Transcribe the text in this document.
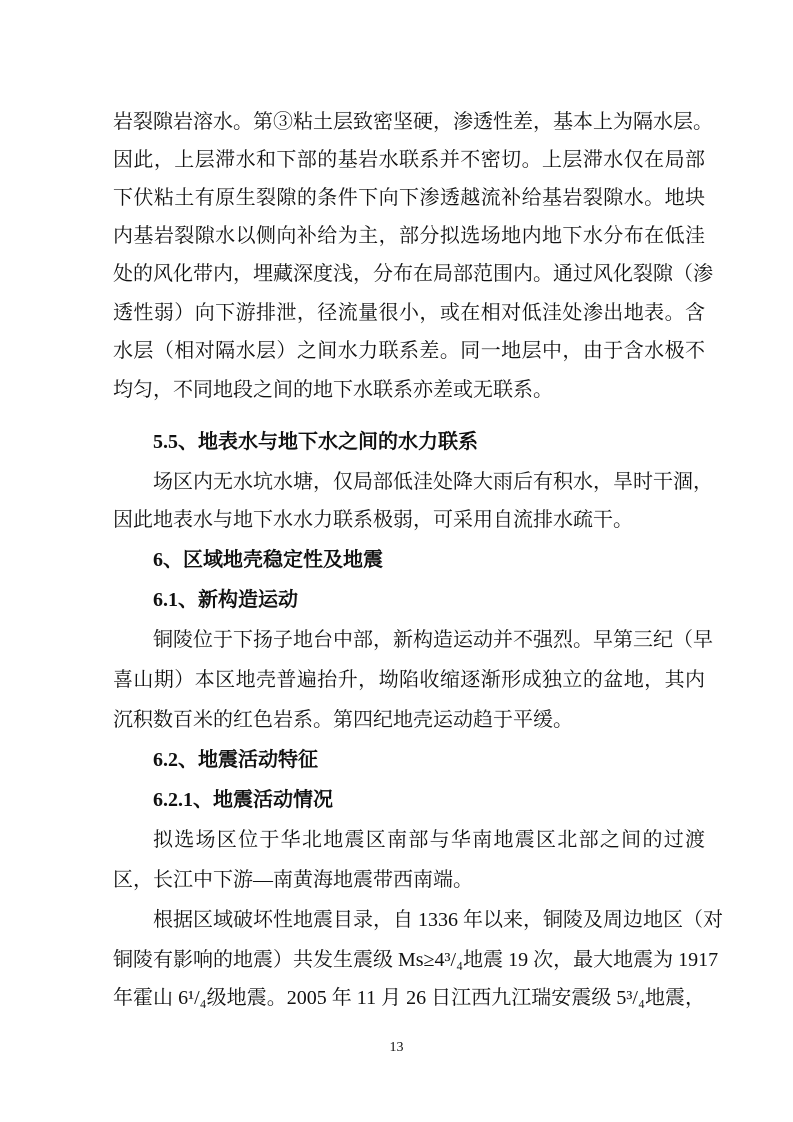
岩裂隙岩溶水。第③粘土层致密坚硬，渗透性差，基本上为隔水层。
因此，上层滞水和下部的基岩水联系并不密切。上层滞水仅在局部
下伏粘土有原生裂隙的条件下向下渗透越流补给基岩裂隙水。地块
内基岩裂隙水以侧向补给为主，部分拟选场地内地下水分布在低洼
处的风化带内，埋藏深度浅，分布在局部范围内。通过风化裂隙（渗
透性弱）向下游排泄，径流量很小，或在相对低洼处渗出地表。含
水层（相对隔水层）之间水力联系差。同一地层中，由于含水极不
均匀，不同地段之间的地下水联系亦差或无联系。
5.5、地表水与地下水之间的水力联系
场区内无水坑水塘，仅局部低洼处降大雨后有积水，旱时干涸，
因此地表水与地下水水力联系极弱，可采用自流排水疏干。
6、区域地壳稳定性及地震
6.1、新构造运动
铜陵位于下扬子地台中部，新构造运动并不强烈。早第三纪（早
喜山期）本区地壳普遍抬升，坳陷收缩逐渐形成独立的盆地，其内
沉积数百米的红色岩系。第四纪地壳运动趋于平缓。
6.2、地震活动特征
6.2.1、地震活动情况
拟选场区位于华北地震区南部与华南地震区北部之间的过渡
区，长江中下游—南黄海地震带西南端。
根据区域破坏性地震目录，自 1336 年以来，铜陵及周边地区（对
铜陵有影响的地震）共发生震级 Ms≥4³/₄地震 19 次，最大地震为 1917
年霍山 6¹/₄级地震。2005 年 11 月 26 日江西九江瑞安震级 5³/₄地震，
13
